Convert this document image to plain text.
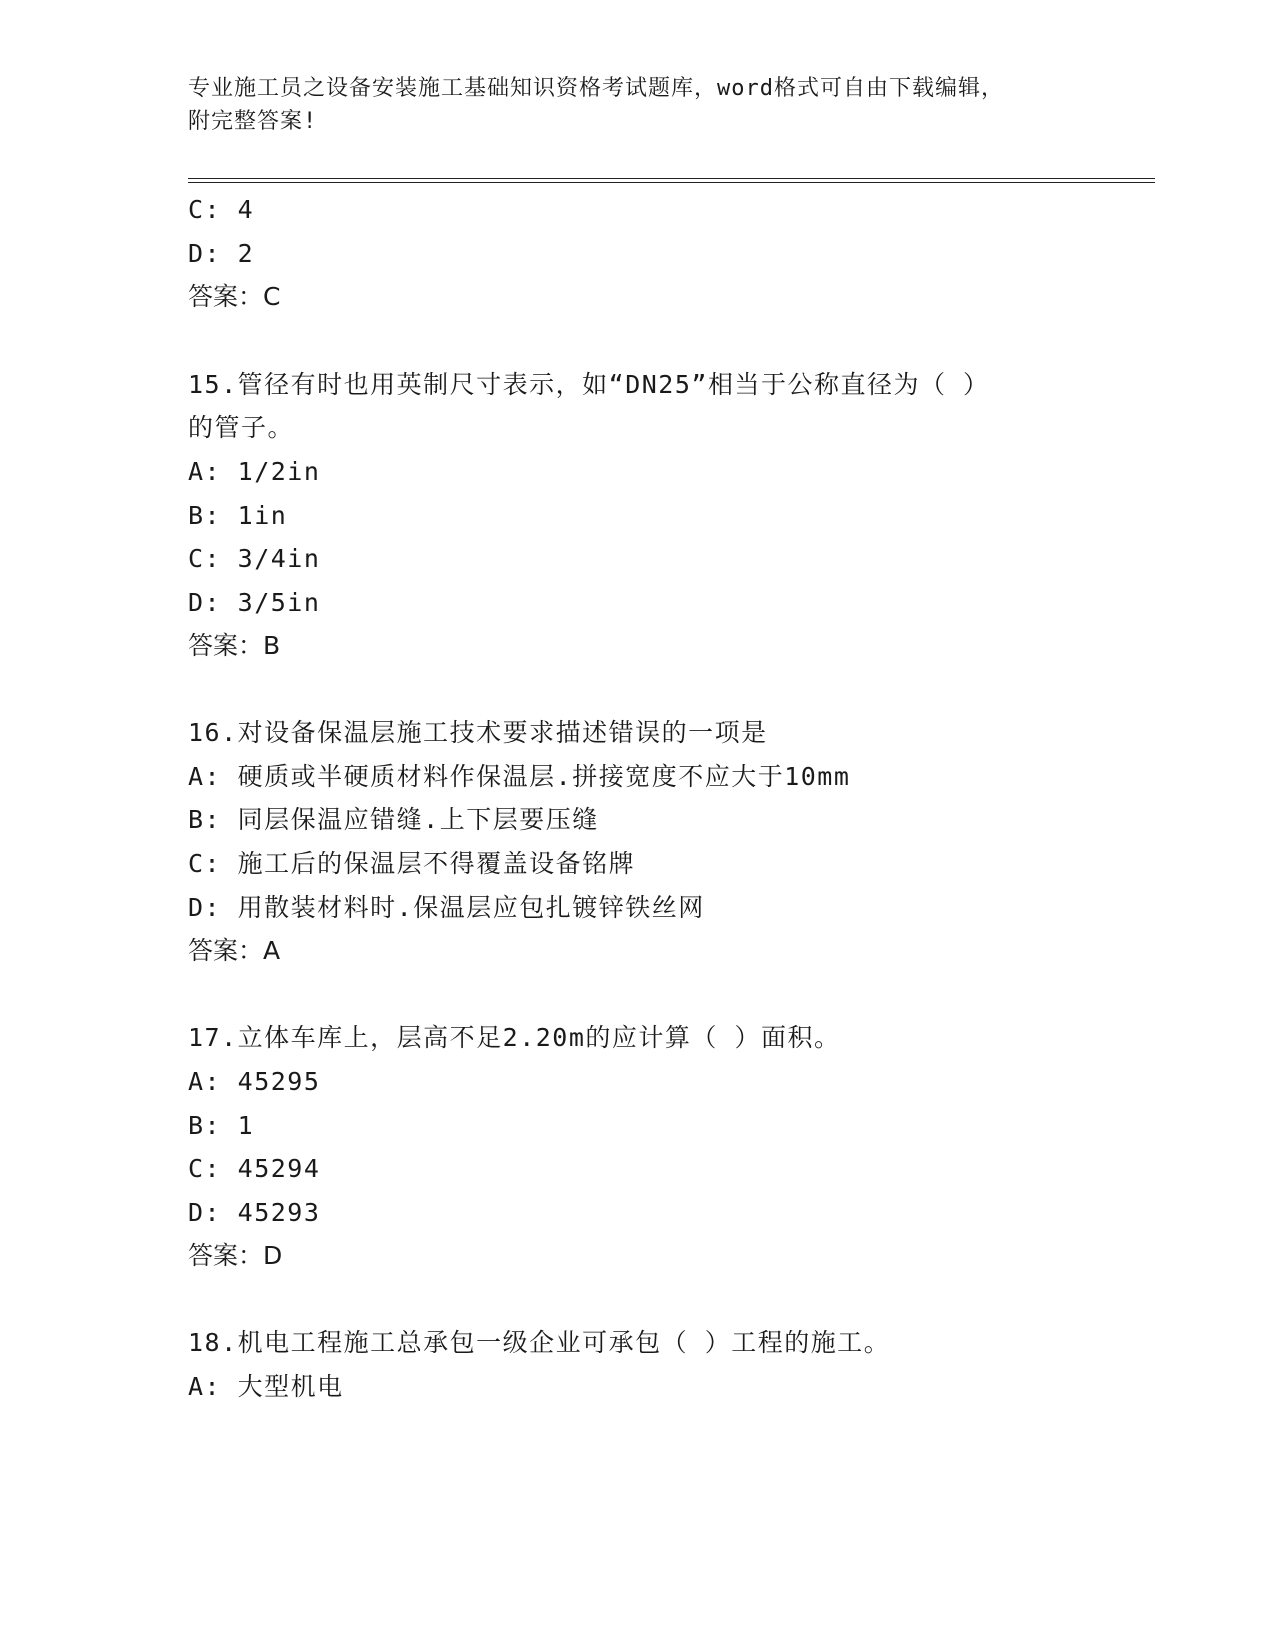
专业施工员之设备安装施工基础知识资格考试题库，word格式可自由下载编辑，
附完整答案!
C: 4
D: 2
答案：C
15.管径有时也用英制尺寸表示，如“DN25”相当于公称直径为（ ）
的管子。
A: 1/2in
B: 1in
C: 3/4in
D: 3/5in
答案：B
16.对设备保温层施工技术要求描述错误的一项是
A: 硬质或半硬质材料作保温层.拼接宽度不应大于10mm
B: 同层保温应错缝.上下层要压缝
C: 施工后的保温层不得覆盖设备铭牌
D: 用散装材料时.保温层应包扎镀锌铁丝网
答案：A
17.立体车库上，层高不足2.20m的应计算（ ）面积。
A: 45295
B: 1
C: 45294
D: 45293
答案：D
18.机电工程施工总承包一级企业可承包（ ）工程的施工。
A: 大型机电
